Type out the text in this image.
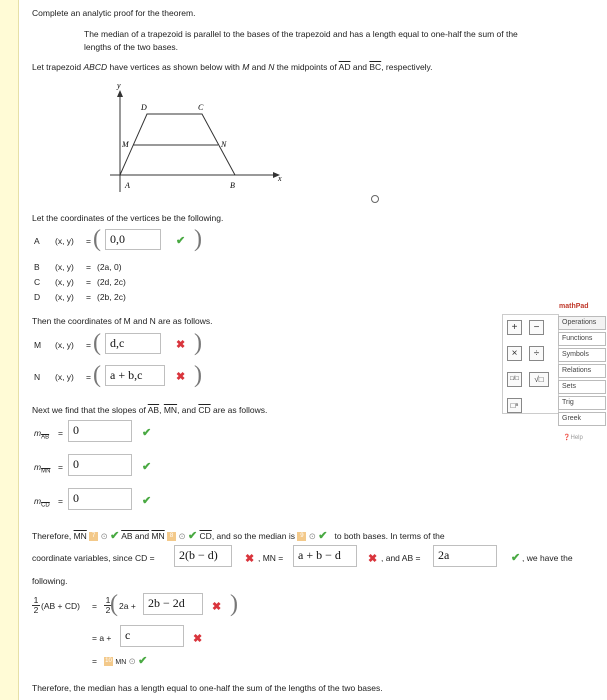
Complete an analytic proof for the theorem.
The median of a trapezoid is parallel to the bases of the trapezoid and has a length equal to one-half the sum of the
lengths of the two bases.
Let trapezoid ABCD have vertices as shown below with M and N the midpoints of $\overline{AD}$ and $\overline{BC}$, respectively.
y
x
A	B
C
D
M	N
Let the coordinates of the vertices be the following.
A (x, y) = ( 0,0	✔ )
B (x, y) = (2a, 0)
C (x, y) = (2d, 2c)
D (x, y) = (2b, 2c)
Then the coordinates of M and N are as follows.
M (x, y) = ( d,c	✖ )
N (x, y) = ( a + b,c	✖ )
Next we find that the slopes of $\overline{AB}$, $\overline{MN}$, and $\overline{CD}$ are as follows.
$m_{\overline{AB}} = 0$	✔
$m_{\overline{MN}} = 0$	✔
$m_{\overline{CD}} = 0$	✔
Therefore, $\overline{MN}$ 7 ⊙ ✔ AB and $\overline{MN}$ 8 ⊙ ✔ $\overline{CD}$, and so the median is 9 ⊙ ✔ to both bases. In terms of the
coordinate variables, since CD =	2(b − d)	✖ , MN =	a + b − d	✖ , and AB =	2a	✔ , we have the
following.
1
2 (AB + CD) =
1
2 ( 2a +	2b − 2d	✖ )
= a +	c	✖
= 10 MN ⊙ ✔
Therefore, the median has a length equal to one-half the sum of the lengths of the two bases.
+	−
×	÷
□/□	√□
□ⁿ
mathPad
Operations
Functions
Symbols
Relations
Sets
Trig
Greek
❓Help
